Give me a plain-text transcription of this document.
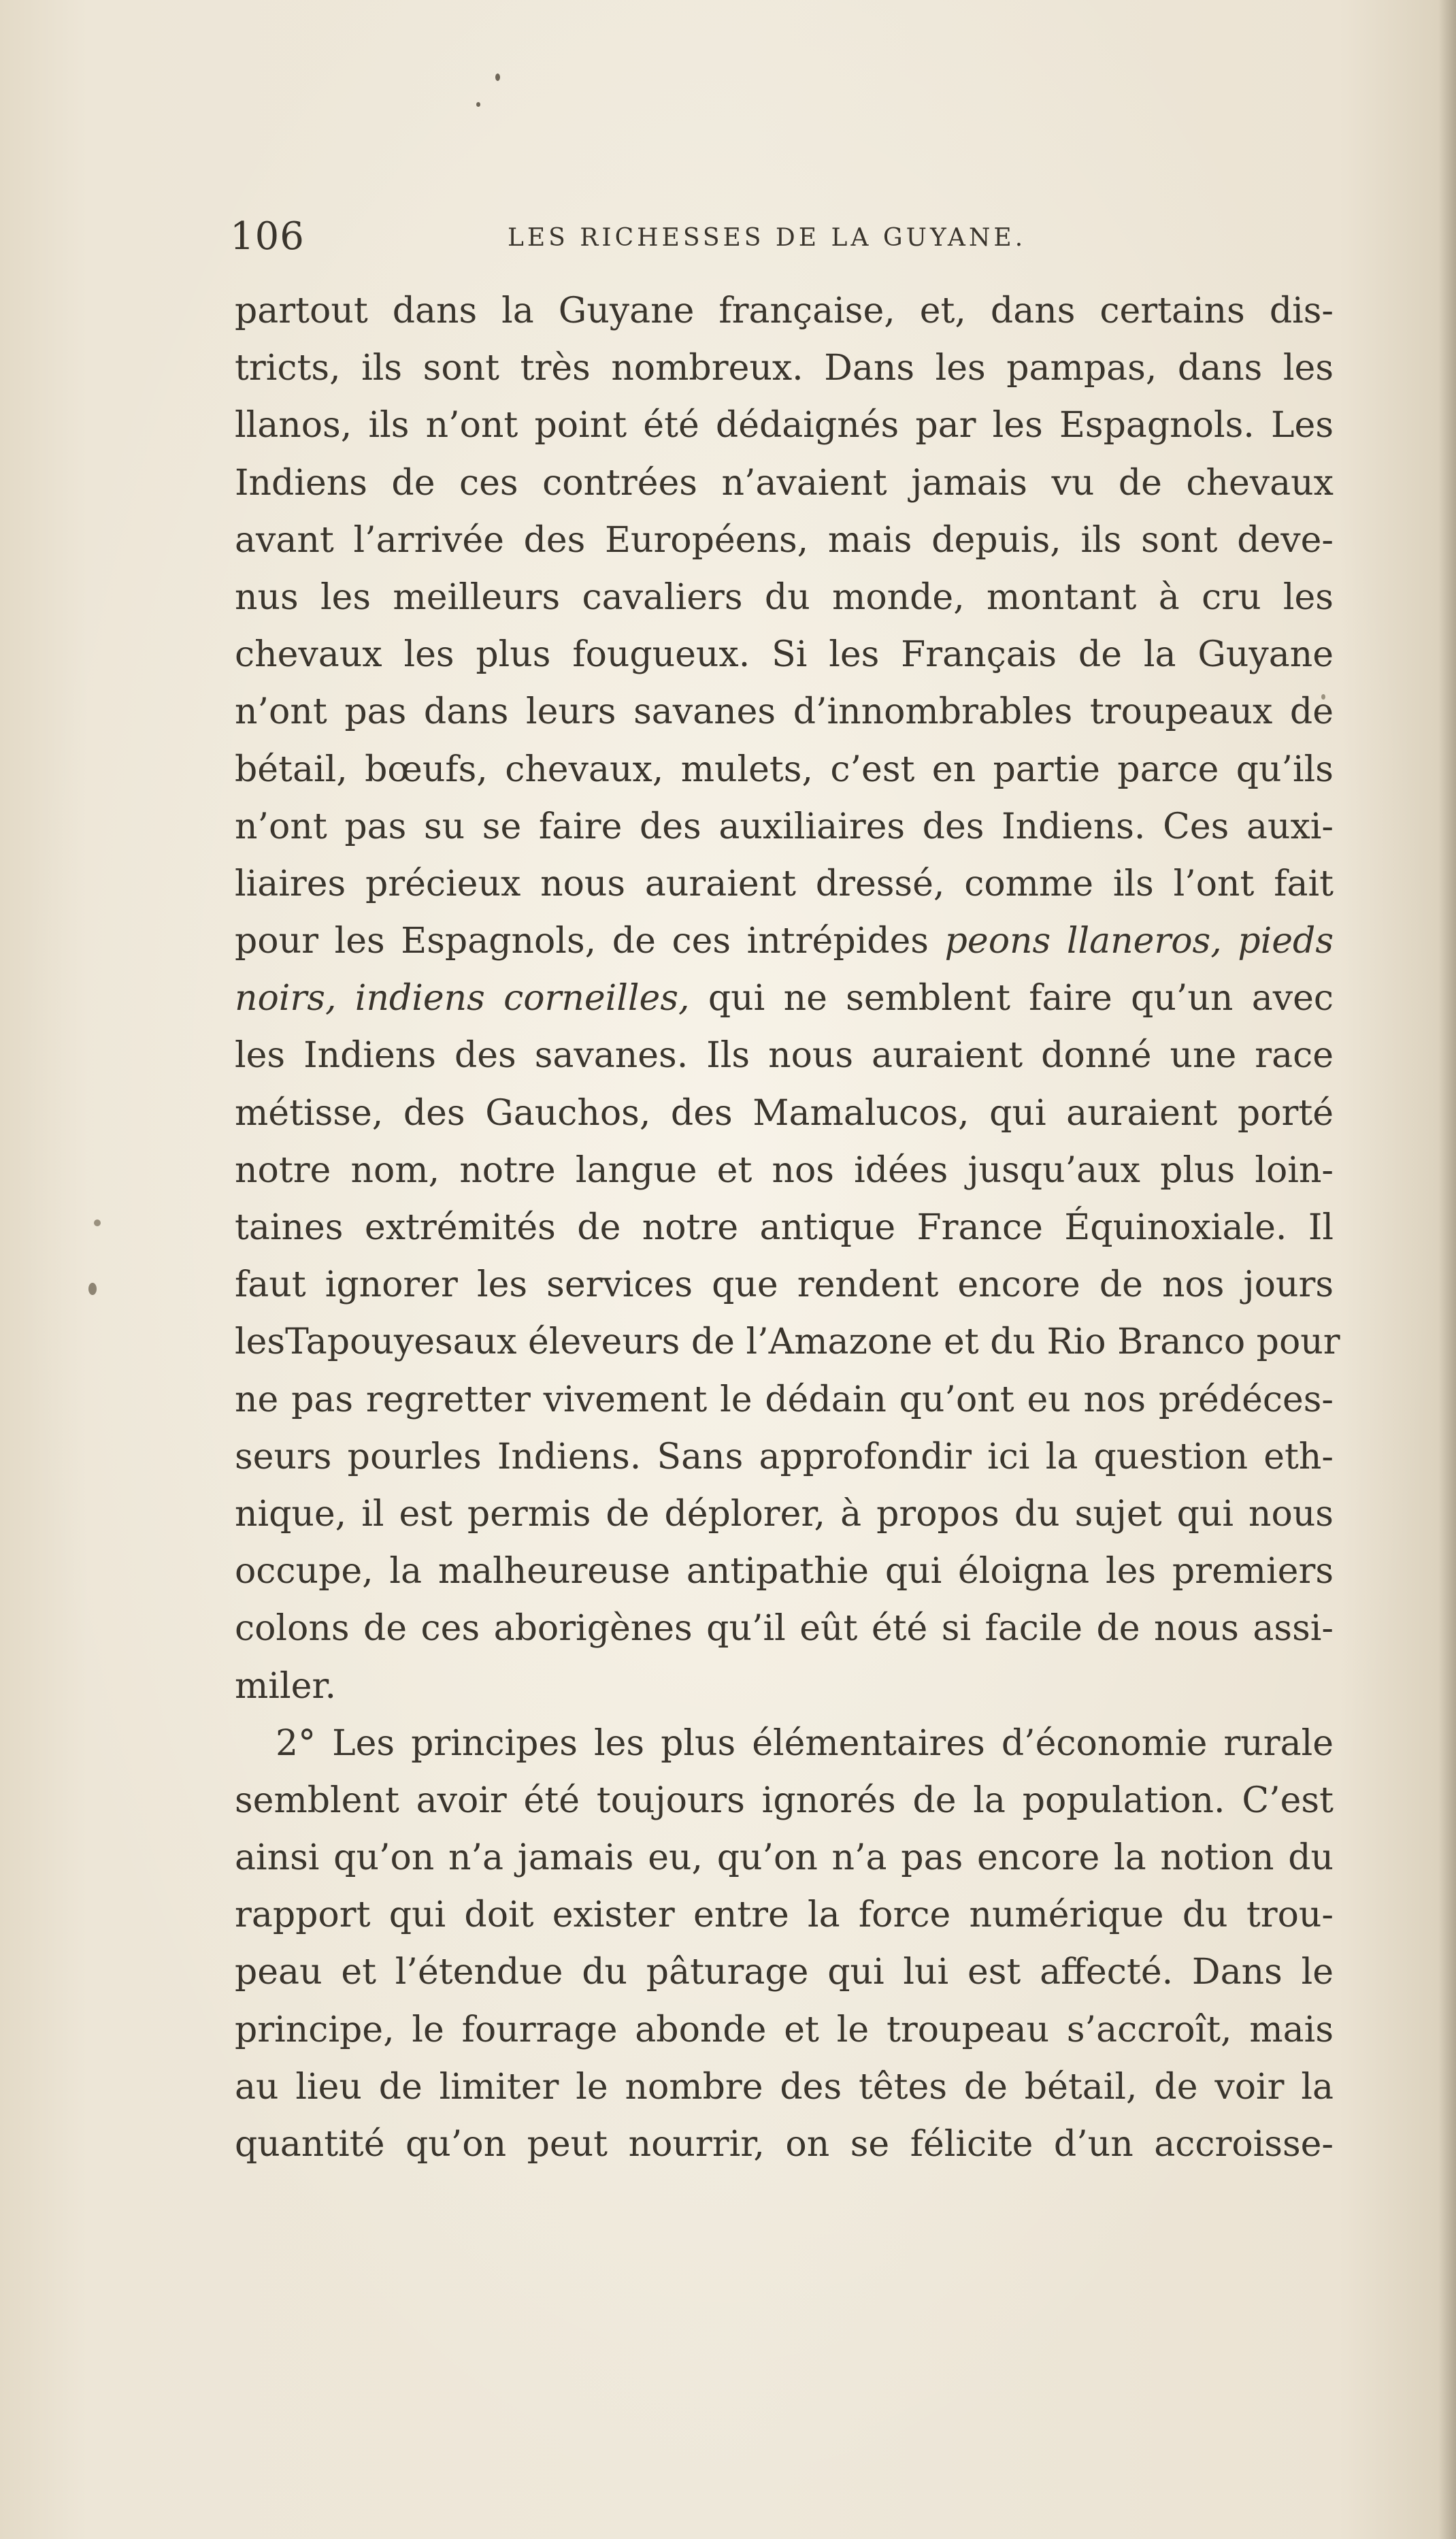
106	LES RICHESSES DE LA GUYANE.
partout dans la Guyane française, et, dans certains dis-
tricts, ils sont très nombreux. Dans les pampas, dans les
llanos, ils n’ont point été dédaignés par les Espagnols. Les
Indiens de ces contrées n’avaient jamais vu de chevaux
avant l’arrivée des Européens, mais depuis, ils sont deve-
nus les meilleurs cavaliers du monde, montant à cru les
chevaux les plus fougueux. Si les Français de la Guyane
n’ont pas dans leurs savanes d’innombrables troupeaux de
bétail, bœufs, chevaux, mulets, c’est en partie parce qu’ils
n’ont pas su se faire des auxiliaires des Indiens. Ces auxi-
liaires précieux nous auraient dressé, comme ils l’ont fait
pour les Espagnols, de ces intrépides peons llaneros, pieds
noirs, indiens corneilles, qui ne semblent faire qu’un avec
les Indiens des savanes. Ils nous auraient donné une race
métisse, des Gauchos, des Mamalucos, qui auraient porté
notre nom, notre langue et nos idées jusqu’aux plus loin-
taines extrémités de notre antique France Équinoxiale. Il
faut ignorer les services que rendent encore de nos jours
lesTapouyesaux éleveurs de l’Amazone et du Rio Branco pour
ne pas regretter vivement le dédain qu’ont eu nos prédéces-
seurs pourles Indiens. Sans approfondir ici la question eth-
nique, il est permis de déplorer, à propos du sujet qui nous
occupe, la malheureuse antipathie qui éloigna les premiers
colons de ces aborigènes qu’il eût été si facile de nous assi-
miler.
2° Les principes les plus élémentaires d’économie rurale
semblent avoir été toujours ignorés de la population. C’est
ainsi qu’on n’a jamais eu, qu’on n’a pas encore la notion du
rapport qui doit exister entre la force numérique du trou-
peau et l’étendue du pâturage qui lui est affecté. Dans le
principe, le fourrage abonde et le troupeau s’accroît, mais
au lieu de limiter le nombre des têtes de bétail, de voir la
quantité qu’on peut nourrir, on se félicite d’un accroisse-
